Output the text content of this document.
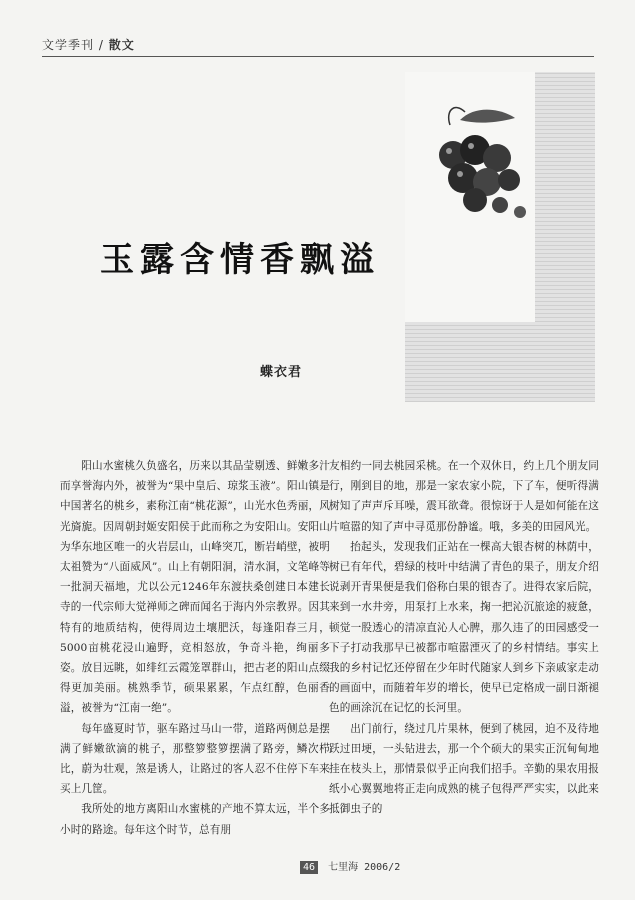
文学季刊 / 散文
玉露含情香飘溢
蝶衣君

阳山水蜜桃久负盛名，历来以其品莹剔透、鲜嫩多汁而享誉海内外，被誉为“果中皇后、琼浆玉液”。阳山镇是中国著名的桃乡，素称江南“桃花源”，山光水色秀丽，风光旖旎。因周朝封姬安阳侯于此而称之为安阳山。安阳山为华东地区唯一的火岩层山，山峰突兀，断岩峭壁，被明太祖赞为“八面威风”。山上有朝阳洞，清水洞，文笔峰等一批洞天福地，尤以公元1246年东渡扶桑创建日本建长寺的一代宗师大觉禅师之碑而闻名于海内外宗教界。因其特有的地质结构，使得周边土壤肥沃，每逢阳春三月，5000亩桃花浸山遍野，竞相怒放，争奇斗艳，绚丽多姿。放目远眺，如绯红云霞笼罩群山，把古老的阳山点缀得更加美丽。桃熟季节，硕果累累，乍点红醇，色丽香溢，被誉为“江南一绝”。

每年盛夏时节，驱车路过马山一带，道路两侧总是摆满了鲜嫩欲滴的桃子，那整箩整箩摆满了路旁，鳞次栉比，蔚为壮观，煞是诱人，让路过的客人忍不住停下车来买上几筐。

我所处的地方离阳山水蜜桃的产地不算太远，半个多小时的路途。每年这个时节，总有朋

友相约一同去桃园采桃。在一个双休日，约上几个朋友同行，刚到目的地，那是一家农家小院，下了车，便听得满树知了声声斥耳噪，震耳欲聋。很惊讶于人是如何能在这片喧嚣的知了声中寻觅那份静谧。哦，多美的田园风光。

抬起头，发现我们正站在一棵高大银杏树的林荫中，树已有年代，碧绿的枝叶中结满了青色的果子，朋友介绍说剥开青果便是我们俗称白果的银杏了。进得农家后院，来到一水井旁，用泵打上水来，掬一把沁沉旅途的疲惫，顿觉一股透心的清凉直沁人心脾，那久违了的田园感受一下子打动我那早已被都市喧嚣湮灭了的乡村情结。事实上我的乡村记忆还停留在少年时代随家人到乡下亲戚家走动的画面中，而随着年岁的增长，使早已定格成一副日渐褪色的画涂沉在记忆的长河里。

出门前行，绕过几片果林，便到了桃园，迫不及待地跃过田埂，一头钻进去，那一个个硕大的果实正沉甸甸地挂在枝头上，那情景似乎正向我们招手。辛勤的果农用报纸小心翼翼地将正走向成熟的桃子包得严严实实，以此来抵御虫子的

46 七里海 2006/2
